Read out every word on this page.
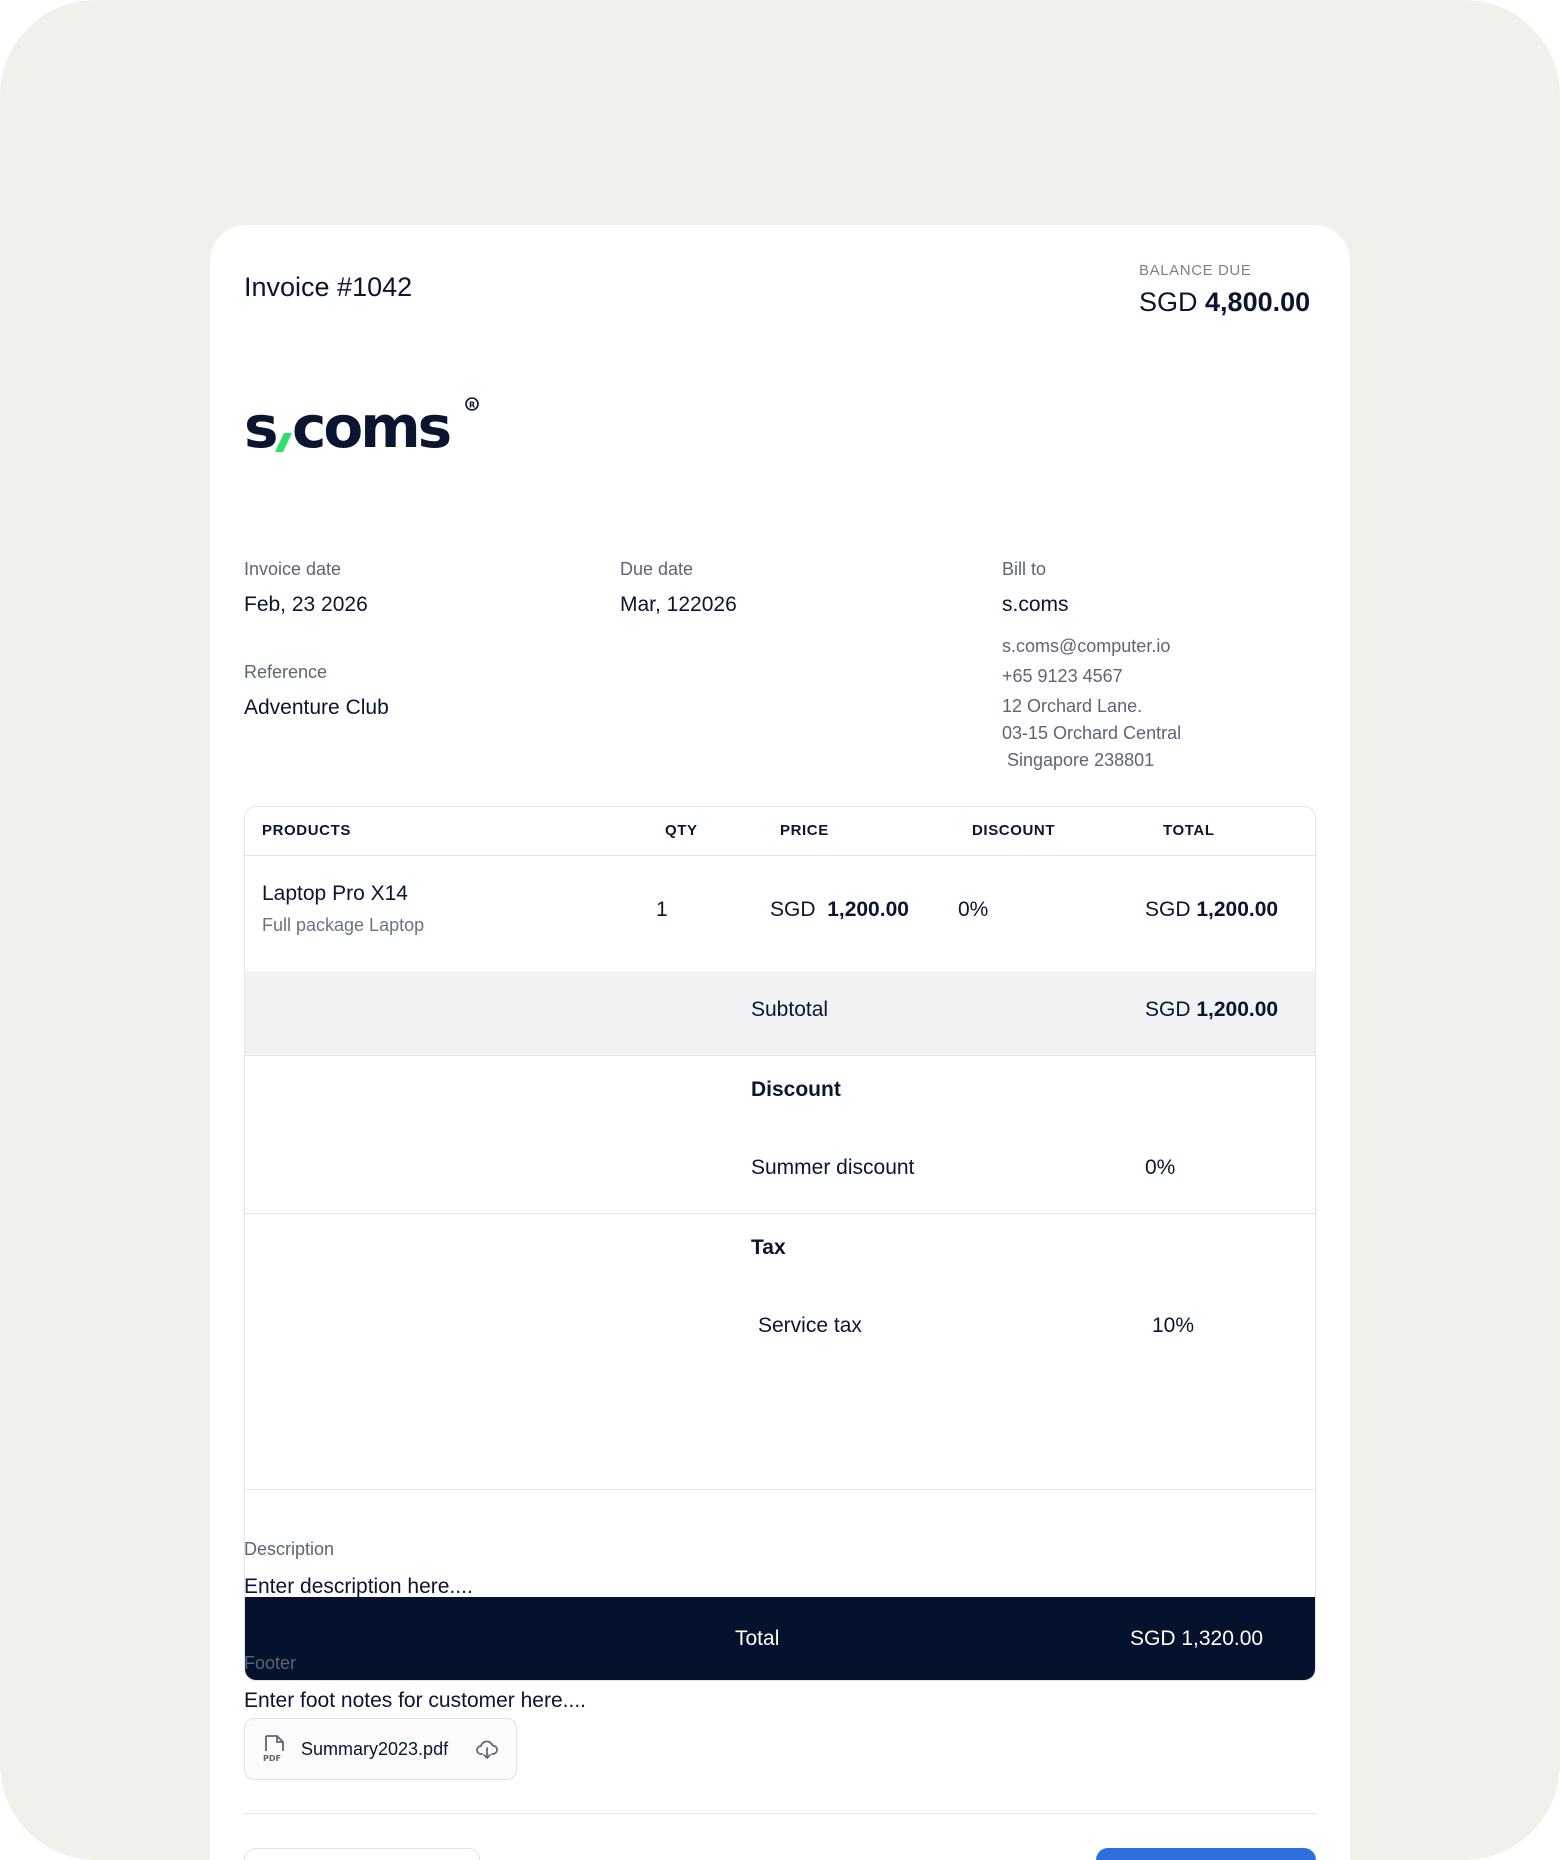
Invoice #1042
BALANCE DUE
SGD 4,800.00
s coms R
Invoice date
Feb, 23 2026
Due date
Mar, 122026
Bill to
s.coms
s.coms@computer.io
+65 9123 4567
12 Orchard Lane.
03-15 Orchard Central
Singapore 238801
Reference
Adventure Club
PRODUCTS	QTY	PRICE	DISCOUNT	TOTAL
Laptop Pro X14
Full package Laptop
1	SGD 1,200.00 0%	SGD 1,200.00
Subtotal	SGD 1,200.00
Discount
Summer discount	0%
Tax
Service tax	10%
Total	SGD 1,320.00
Description
Enter description here....
Footer
Enter foot notes for customer here....
PDF Summary2023.pdf
